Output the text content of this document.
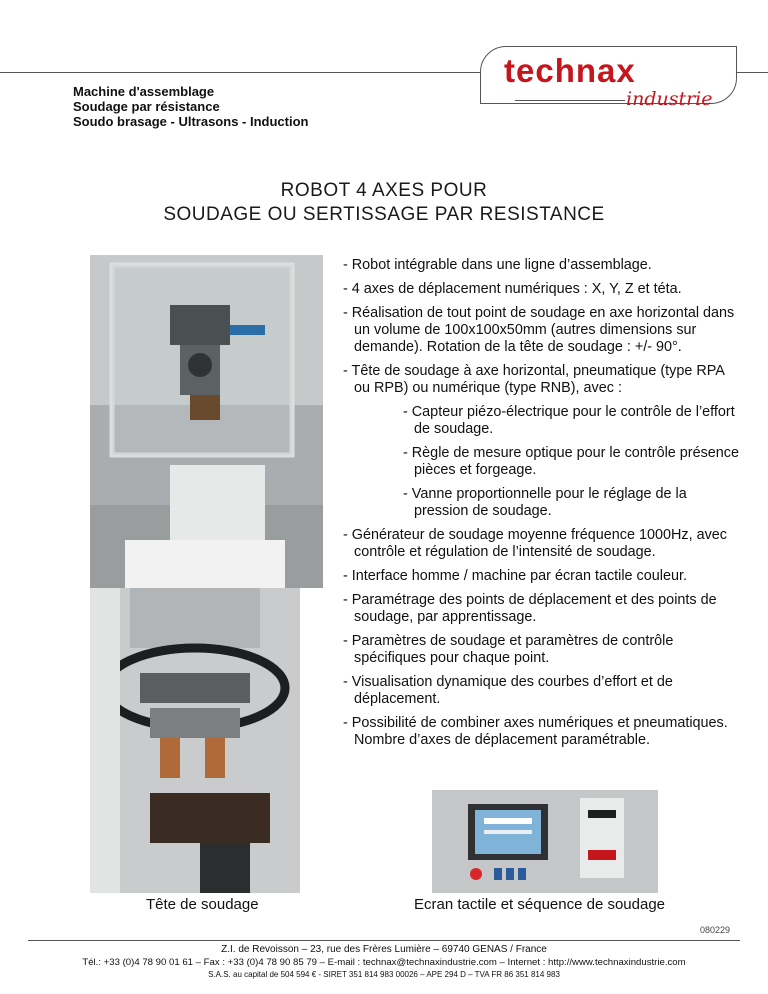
technax
industrie
Machine d'assemblage
Soudage par résistance
Soudo brasage - Ultrasons - Induction
ROBOT 4 AXES POUR
SOUDAGE OU SERTISSAGE PAR RESISTANCE
- Robot intégrable dans une ligne d’assemblage.
- 4 axes de déplacement numériques : X, Y, Z et téta.
- Réalisation de tout point de soudage en axe horizontal dans un volume de 100x100x50mm (autres dimensions sur demande). Rotation de la tête de soudage : +/- 90°.
- Tête de soudage à axe horizontal, pneumatique (type RPA ou RPB) ou numérique (type RNB), avec :
- Capteur piézo-électrique pour le contrôle de l’effort de soudage.
- Règle de mesure optique pour le contrôle présence pièces et forgeage.
- Vanne proportionnelle pour le réglage de la pression de soudage.
- Générateur de soudage moyenne fréquence 1000Hz, avec contrôle et régulation de l’intensité de soudage.
- Interface homme / machine par écran tactile couleur.
- Paramétrage des points de déplacement et des points de soudage, par apprentissage.
- Paramètres de soudage et paramètres de contrôle spécifiques pour chaque point.
- Visualisation dynamique des courbes d’effort et de déplacement.
- Possibilité de combiner axes numériques et pneumatiques. Nombre d’axes de déplacement paramétrable.
Tête de soudage	Ecran tactile et séquence de soudage
080229
Z.I. de Revoisson – 23, rue des Frères Lumière – 69740 GENAS / France
Tél.: +33 (0)4 78 90 01 61 – Fax : +33 (0)4 78 90 85 79 – E-mail : technax@technaxindustrie.com – Internet : http://www.technaxindustrie.com
S.A.S. au capital de 504 594 € - SIRET 351 814 983 00026 – APE 294 D – TVA FR 86 351 814 983
